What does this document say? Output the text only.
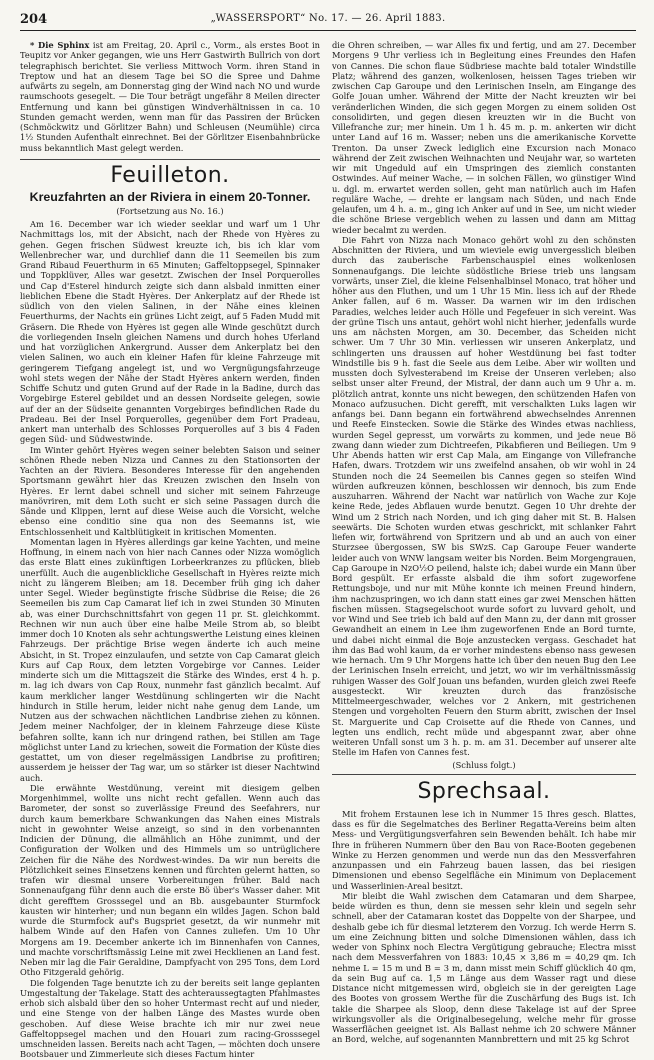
204	„WASSERSPORT“ No. 17. — 26. April 1883.

* Die Sphinx ist am Freitag, 20. April c., Vorm., als erstes Boot in Teupitz vor Anker gegangen, wie uns Herr Gastwirth Bullrich von dort telegraphisch berichtet. Sie verliess Mittwoch Vorm. ihren Stand in Treptow und hat an diesem Tage bei SO die Spree und Dahme aufwärts zu segeln, am Donnerstag ging der Wind nach NO und wurde raumschoots gesegelt. — Die Tour beträgt ungefähr 8 Meilen directer Entfernung und kann bei günstigen Windverhältnissen in ca. 10 Stunden gemacht werden, wenn man für das Passiren der Brücken (Schmöckwitz und Görlitzer Bahn) und Schleusen (Neumühle) circa 1½ Stunden Aufenthalt einrechnet. Bei der Görlitzer Eisenbahnbrücke muss bekanntlich Mast gelegt werden.

Feuilleton.
Kreuzfahrten an der Riviera in einem 20-Tonner.
(Fortsetzung aus No. 16.)

Am 16. December war ich wieder seeklar und warf um 1 Uhr Nachmittags los, mit der Absicht, nach der Rhede von Hyères zu gehen. Gegen frischen Südwest kreuzte ich, bis ich klar vom Wellenbrecher war, und durchlief dann die 11 Seemeilen bis zum Grand Ribaud Feuerthurm in 65 Minuten; Gaffeltoppsegel, Spinnaker und Toppklüver, Alles war gesetzt. Zwischen der Insel Porquerolles und Cap d'Esterel hindurch zeigte sich dann alsbald inmitten einer lieblichen Ebene die Stadt Hyères. Der Ankerplatz auf der Rhede ist südlich von den vielen Salinen, in der Nähe eines kleinen Feuerthurms, der Nachts ein grünes Licht zeigt, auf 5 Faden Mudd mit Gräsern. Die Rhede von Hyères ist gegen alle Winde geschützt durch die vorliegenden Inseln gleichen Namens und durch hohes Uferland und hat vorzüglichen Ankergrund. Ausser dem Ankerplatz bei den vielen Salinen, wo auch ein kleiner Hafen für kleine Fahrzeuge mit geringerem Tiefgang angelegt ist, und wo Vergnügungsfahrzeuge wohl stets wegen der Nähe der Stadt Hyères ankern werden, finden Schiffe Schutz und guten Grund auf der Rade in la Badine, durch das Vorgebirge Esterel gebildet und an dessen Nordseite gelegen, sowie auf der an der Südseite genannten Vorgebirges befindlichen Rade du Pradeau. Bei der Insel Porquerolles, gegenüber dem Fort Pradeau, ankert man unterhalb des Schlosses Porquerolles auf 3 bis 4 Faden gegen Süd- und Südwestwinde.

Im Winter gehört Hyères wegen seiner belebten Saison und seiner schönen Rhede neben Nizza und Cannes zu den Stationsorten der Yachten an der Riviera. Besonderes Interesse für den angehenden Sportsmann gewährt hier das Kreuzen zwischen den Inseln von Hyères. Er lernt dabei schnell und sicher mit seinem Fahrzeuge manövriren, mit dem Loth sucht er sich seine Passagen durch die Sände und Klippen, lernt auf diese Weise auch die Vorsicht, welche ebenso eine conditio sine qua non des Seemanns ist, wie Entschlossenheit und Kaltblütigkeit in kritischen Momenten.

Momentan lagen in Hyères allerdings gar keine Yachten, und meine Hoffnung, in einem nach von hier nach Cannes oder Nizza womöglich das erste Blatt eines zukünftigen Lorbeerkranzes zu pflücken, blieb unerfüllt. Auch die augenblickliche Gesellschaft in Hyères reizte mich nicht zu längerem Bleiben; am 18. December früh ging ich daher unter Segel. Wieder begünstigte frische Südbrise die Reise; die 26 Seemeilen bis zum Cap Camarat lief ich in zwei Stunden 30 Minuten ab, was einer Durchschnittsfahrt von gegen 11 pr. St. gleichkommt. Rechnen wir nun auch über eine halbe Meile Strom ab, so bleibt immer doch 10 Knoten als sehr achtungswerthe Leistung eines kleinen Fahrzeugs. Der prächtige Brise wegen änderte ich auch meine Absicht, in St. Tropez einzulaufen, und setzte von Cap Camarat gleich Kurs auf Cap Roux, dem letzten Vorgebirge vor Cannes. Leider minderte sich um die Mittagszeit die Stärke des Windes, erst 4 h. p. m. lag ich dwars von Cap Roux, nunmehr fast gänzlich becalmt. Auf kaum merklicher langer Westdünung schlingerten wir die Nacht hindurch in Stille herum, leider nicht nahe genug dem Lande, um Nutzen aus der schwachen nächtlichen Landbrise ziehen zu können. Jedem meiner Nachfolger, der in kleinem Fahrzeuge diese Küste befahren sollte, kann ich nur dringend rathen, bei Stillen am Tage möglichst unter Land zu kriechen, soweit die Formation der Küste dies gestattet, um von dieser regelmässigen Landbrise zu profitiren; ausserdem je heisser der Tag war, um so stärker ist dieser Nachtwind auch.

Die erwähnte Westdünung, vereint mit diesigem gelben Morgenhimmel, wollte uns nicht recht gefallen. Wenn auch das Barometer, der sonst so zuverlässige Freund des Seefahrers, nur durch kaum bemerkbare Schwankungen das Nahen eines Mistrals nicht in gewohnter Weise anzeigt, so sind in den vorbenannten Indicien der Dünung, die allmählich an Höhe zunimmt, und der Configuration der Wolken und des Himmels um so untrüglichere Zeichen für die Nähe des Nordwest-windes. Da wir nun bereits die Plötzlichkeit seines Einsetzens kennen und fürchten gelernt hatten, so trafen wir diesmal unsere Vorbereitungen früher. Bald nach Sonnenaufgang führ denn auch die erste Bö über's Wasser daher. Mit dicht gerefftem Grosssegel und an Bb. ausgebaunter Sturmfock kausten wir hinterher; und nun begann ein wildes Jagen. Schon bald wurde die Sturmfock auf's Bugspriet gesetzt, da wir nunmehr mit halbem Winde auf den Hafen von Cannes zuliefen. Um 10 Uhr Morgens am 19. December ankerte ich im Binnenhafen von Cannes, und machte vorschriftsmässig Leine mit zwei Hecklienen an Land fest. Neben mir lag die Fair Geraldine, Dampfyacht von 295 Tons, dem Lord Otho Fitzgerald gehörig.

Die folgenden Tage benutzte ich zu der bereits seit lange geplanten Umgestaltung der Takelage. Statt des achteraussegtagten Pfahlmastes erhob sich alsbald über den so hoher Untermast recht auf und nieder, und eine Stenge von der halben Länge des Mastes wurde oben geschoben. Auf diese Weise brachte ich mir nur zwei neue Gaffeltoppsegel machen und den Houari zum racing-Grosssegel umschneiden lassen. Bereits nach acht Tagen, — möchten doch unsere Bootsbauer und Zimmerleute sich dieses Factum hinter

die Ohren schreiben, — war Alles fix und fertig, und am 27. December Morgens 9 Uhr verliess ich in Begleitung eines Freundes den Hafen von Cannes. Die schon flaue Südbriese machte bald totaler Windstille Platz; während des ganzen, wolkenlosen, heissen Tages trieben wir zwischen Cap Garoupe und den Lerinischen Inseln, am Eingange des Golfe Jouan umher. Während der Mitte der Nacht kreuzten wir bei veränderlichen Winden, die sich gegen Morgen zu einem soliden Ost consolidirten, und gegen diesen kreuzten wir in die Bucht von Villefranche zur; mer hinein. Um 1 h. 45 m. p. m. ankerten wir dicht unter Land auf 16 m. Wasser; neben uns die amerikanische Korvette Trenton. Da unser Zweck lediglich eine Excursion nach Monaco während der Zeit zwischen Weihnachten und Neujahr war, so warteten wir mit Ungeduld auf ein Umspringen des ziemlich constanten Ostwindes. Auf meiner Wache, — in solchen Fällen, wo günstiger Wind u. dgl. m. erwartet werden sollen, geht man natürlich auch im Hafen reguläre Wache, — drehte er langsam nach Süden, und nach Ende gelaufen, um 4 h. a. m., ging ich Anker auf und in See, um nicht wieder die schöne Briese vergeblich wehen zu lassen und dann am Mittag wieder becalmt zu werden.

Die Fahrt von Nizza nach Monaco gehört wohl zu den schönsten Abschnitten der Riviera, und um wieviele ewig unvergesslich bleiben durch das zauberische Farbenschauspiel eines wolkenlosen Sonnenaufgangs. Die leichte südöstliche Briese trieb uns langsam vorwärts, unser Ziel, die kleine Felsenhalbinsel Monaco, trat höher und höher aus den Fluthen, und um 1 Uhr 15 Min. liess ich auf der Rhede Anker fallen, auf 6 m. Wasser. Da warnen wir im den irdischen Paradies, welches leider auch Hölle und Fegefeuer in sich vereint. Was der grüne Tisch uns antaut, gehört wohl nicht hierher, jedenfalls wurde uns am nächsten Morgen, am 30. December, das Scheiden nicht schwer. Um 7 Uhr 30 Min. verliessen wir unseren Ankerplatz, und schlingerten uns draussen auf hoher Westdünung bei fast todter Windstille bis 9 h. fast die Seele aus dem Leibe. Aber wir wollten und mussten doch Sylvesterabend im Kreise der Unseren verleben; also selbst unser alter Freund, der Mistral, der dann auch um 9 Uhr a. m. plötzlich antrat, konnte uns nicht bewegen, den schützenden Hafen von Monaco aufzusuchen. Dicht gerefft, mit verschalkten Luks lagen wir anfangs bei. Dann begann ein fortwährend abwechselndes Anrennen und Reefe Einstecken. Sowie die Stärke des Windes etwas nachliess, wurden Segel gepresst, um vorwärts zu kommen, und jede neue Bö zwang dann wieder zum Dichtreefen, Pikabfieren und Beiliegen. Um 9 Uhr Abends hatten wir erst Cap Mala, am Eingange von Villefranche Hafen, dwars. Trotzdem wir uns zweifelnd ansahen, ob wir wohl in 24 Stunden noch die 24 Seemeilen bis Cannes gegen so steifen Wind würden aufkreuzen können, beschlossen wir dennoch, bis zum Ende auszuharren. Während der Nacht war natürlich von Wache zur Koje keine Rede, jedes Abflauen wurde benutzt. Gegen 10 Uhr drehte der Wind um 2 Strich nach Norden, und ich ging daher mit St. B. Halsen seewärts. Die Schoten wurden etwas geschrickt, mit schlanker Fahrt liefen wir, fortwährend von Spritzern und ab und an auch von einer Sturzsee übergossen, SW bis SWzS. Cap Garoupe Feuer wanderte leider auch von WNW langsam weiter bis Norden. Beim Morgengrauen, Cap Garoupe in NzO½O peilend, halste ich; dabei wurde ein Mann über Bord gespült. Er erfasste alsbald die ihm sofort zugeworfene Rettungsboje, und nur mit Mühe konnte ich meinen Freund hindern, ihm nachzuspringen, wo ich dann statt eines gar zwei Menschen hätten fischen müssen. Stagsegelschoot wurde sofort zu luvvard geholt, und vor Wind und See trieb ich bald auf den Mann zu, der dann mit grosser Gewandheit an einem in Lee ihm zugeworfenen Ende an Bord turnte, und dabei nicht einmal die Boje anzustecken vergass. Geschadet hat ihm das Bad wohl kaum, da er vorher mindestens ebenso nass gewesen wie hernach. Um 9 Uhr Morgens hatte ich über den neuen Bug den Lee der Lerinischen Inseln erreicht, und jetzt, wo wir im verhältnissmässig ruhigen Wasser des Golf Jouan uns befanden, wurden gleich zwei Reefe ausgesteckt. Wir kreuzten durch das französische Mittelmeergeschwader, welches vor 2 Ankern, mit gestrichenen Stengen und vorgeholten Feuern den Sturm abritt, zwischen der Insel St. Marguerite und Cap Croisette auf die Rhede von Cannes, und legten uns endlich, recht müde und abgespannt zwar, aber ohne weiteren Unfall sonst um 3 h. p. m. am 31. December auf unserer alte Stelle im Hafen von Cannes fest.

(Schluss folgt.)

Sprechsaal.

Mit frohem Erstaunen lese ich in Nummer 15 Ihres gesch. Blattes, dass es für die Segelmatches des Berliner Regatta-Vereins beim alten Mess- und Vergütigungsverfahren sein Bewenden behält. Ich habe mir Ihre in früheren Nummern über den Bau von Race-Booten gegebenen Winke zu Herzen genommen und werde nun das den Messverfahren anzunpassen und ein Fahrzeug bauen lassen, das bei riesigen Dimensionen und ebenso Segelfläche ein Minimum von Deplacement und Wasserlinien-Areal besitzt.

Mir bleibt die Wahl zwischen dem Catamaran und dem Sharpee, beide würden es thun, denn sie messen sehr klein und segeln sehr schnell, aber der Catamaran kostet das Doppelte von der Sharpee, und deshalb gebe ich für diesmal letzterem den Vorzug. Ich werde Herrn S. um eine Zeichnung bitten und solche Dimensionen wählen, dass ich weder von Sphinx noch Electra Vergütigung gebrauche; Electra misst nach dem Messverfahren von 1883: 10,45 × 3,86 m = 40,29 qm. Ich nehme L = 15 m und B = 3 m, dann misst mein Schiff glücklich 40 qm, da sein Bug auf ca. 1,5 m Länge aus dem Wasser ragt und diese Distance nicht mitgemessen wird, obgleich sie in der gereigten Lage des Bootes von grossem Werthe für die Zuschärfung des Bugs ist. Ich takle die Sharpee als Sloop, denn diese Takelage ist auf der Spree wirkungsvoller als die Originalbesegelung, welche mehr für grosse Wasserflächen geeignet ist. Als Ballast nehme ich 20 schwere Männer an Bord, welche, auf sogenannten Mannbrettern und mit 25 kg Schrot
